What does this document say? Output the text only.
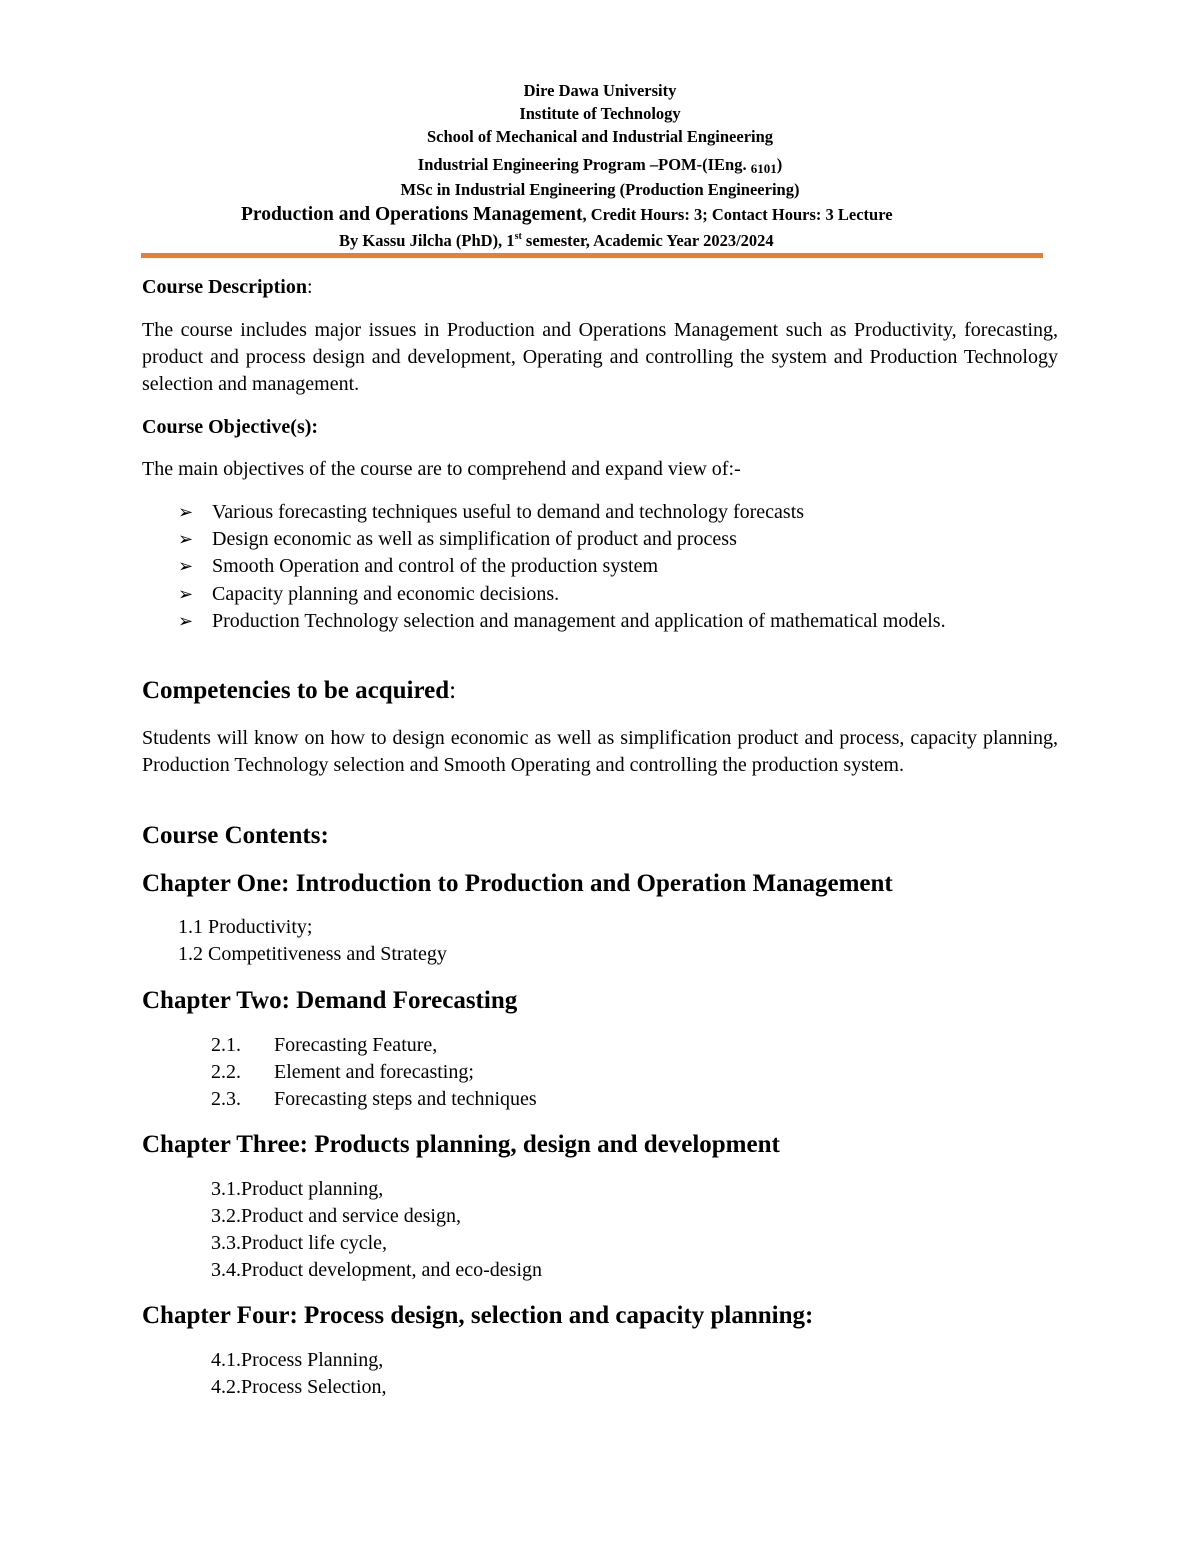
Dire Dawa University
Institute of Technology
School of Mechanical and Industrial Engineering
Industrial Engineering Program –POM-(IEng. 6101)
MSc in Industrial Engineering (Production Engineering)
Production and Operations Management, Credit Hours: 3; Contact Hours: 3 Lecture
By Kassu Jilcha (PhD), 1st semester, Academic Year 2023/2024
Course Description:
The course includes major issues in Production and Operations Management such as Productivity, forecasting, product and process design and development, Operating and controlling the system and Production Technology selection and management.
Course Objective(s):
The main objectives of the course are to comprehend and expand view of:-
➢ Various forecasting techniques useful to demand and technology forecasts
➢ Design economic as well as simplification of product and process
➢ Smooth Operation and control of the production system
➢ Capacity planning and economic decisions.
➢ Production Technology selection and management and application of mathematical models.
Competencies to be acquired:
Students will know on how to design economic as well as simplification product and process, capacity planning, Production Technology selection and Smooth Operating and controlling the production system.
Course Contents:
Chapter One: Introduction to Production and Operation Management
1.1 Productivity;
1.2 Competitiveness and Strategy
Chapter Two: Demand Forecasting
2.1. Forecasting Feature,
2.2. Element and forecasting;
2.3. Forecasting steps and techniques
Chapter Three: Products planning, design and development
3.1.Product planning,
3.2.Product and service design,
3.3.Product life cycle,
3.4.Product development, and eco-design
Chapter Four: Process design, selection and capacity planning:
4.1.Process Planning,
4.2.Process Selection,
